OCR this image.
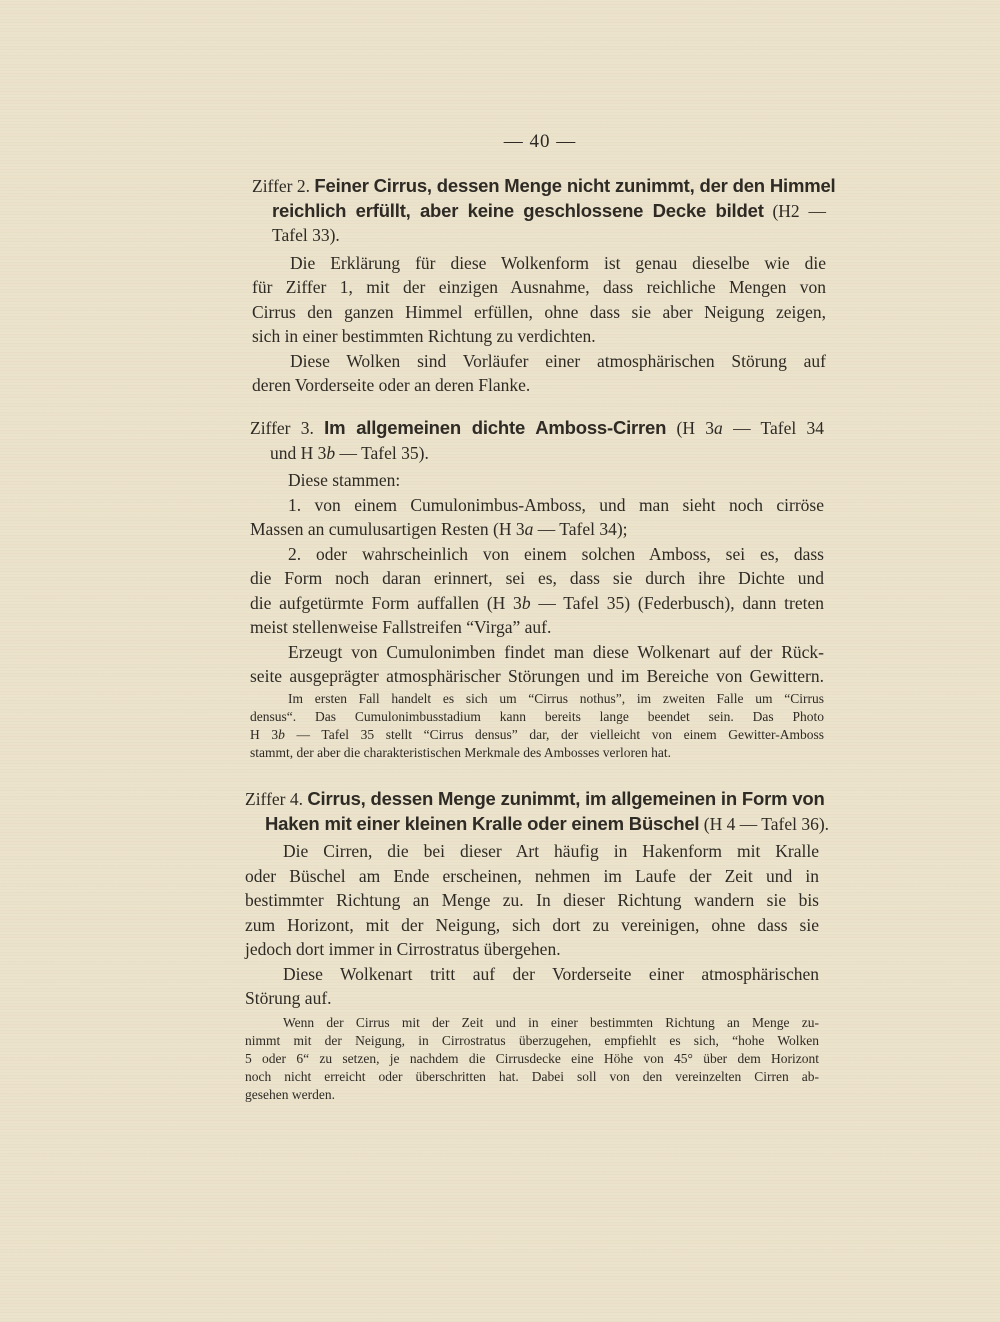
— 40 —
Ziffer 2. Feiner Cirrus, dessen Menge nicht zunimmt, der den Himmel
reichlich erfüllt, aber keine geschlossene Decke bildet (H2 —
Tafel 33).
Die Erklärung für diese Wolkenform ist genau dieselbe wie die
für Ziffer 1, mit der einzigen Ausnahme, dass reichliche Mengen von
Cirrus den ganzen Himmel erfüllen, ohne dass sie aber Neigung zeigen,
sich in einer bestimmten Richtung zu verdichten.
Diese Wolken sind Vorläufer einer atmosphärischen Störung auf
deren Vorderseite oder an deren Flanke.
Ziffer 3. Im allgemeinen dichte Amboss-Cirren (H 3a — Tafel 34
und H 3b — Tafel 35).
Diese stammen:
1. von einem Cumulonimbus-Amboss, und man sieht noch cirröse
Massen an cumulusartigen Resten (H 3a — Tafel 34);
2. oder wahrscheinlich von einem solchen Amboss, sei es, dass
die Form noch daran erinnert, sei es, dass sie durch ihre Dichte und
die aufgetürmte Form auffallen (H 3b — Tafel 35) (Federbusch), dann treten
meist stellenweise Fallstreifen “Virga” auf.
Erzeugt von Cumulonimben findet man diese Wolkenart auf der Rück-
seite ausgeprägter atmosphärischer Störungen und im Bereiche von Gewittern.
Im ersten Fall handelt es sich um “Cirrus nothus”, im zweiten Falle um “Cirrus
densus“. Das Cumulonimbusstadium kann bereits lange beendet sein. Das Photo
H 3b — Tafel 35 stellt “Cirrus densus” dar, der vielleicht von einem Gewitter-Amboss
stammt, der aber die charakteristischen Merkmale des Ambosses verloren hat.
Ziffer 4. Cirrus, dessen Menge zunimmt, im allgemeinen in Form von
Haken mit einer kleinen Kralle oder einem Büschel (H 4 — Tafel 36).
Die Cirren, die bei dieser Art häufig in Hakenform mit Kralle
oder Büschel am Ende erscheinen, nehmen im Laufe der Zeit und in
bestimmter Richtung an Menge zu. In dieser Richtung wandern sie bis
zum Horizont, mit der Neigung, sich dort zu vereinigen, ohne dass sie
jedoch dort immer in Cirrostratus übergehen.
Diese Wolkenart tritt auf der Vorderseite einer atmosphärischen
Störung auf.
Wenn der Cirrus mit der Zeit und in einer bestimmten Richtung an Menge zu-
nimmt mit der Neigung, in Cirrostratus überzugehen, empfiehlt es sich, “hohe Wolken
5 oder 6“ zu setzen, je nachdem die Cirrusdecke eine Höhe von 45° über dem Horizont
noch nicht erreicht oder überschritten hat. Dabei soll von den vereinzelten Cirren ab-
gesehen werden.
